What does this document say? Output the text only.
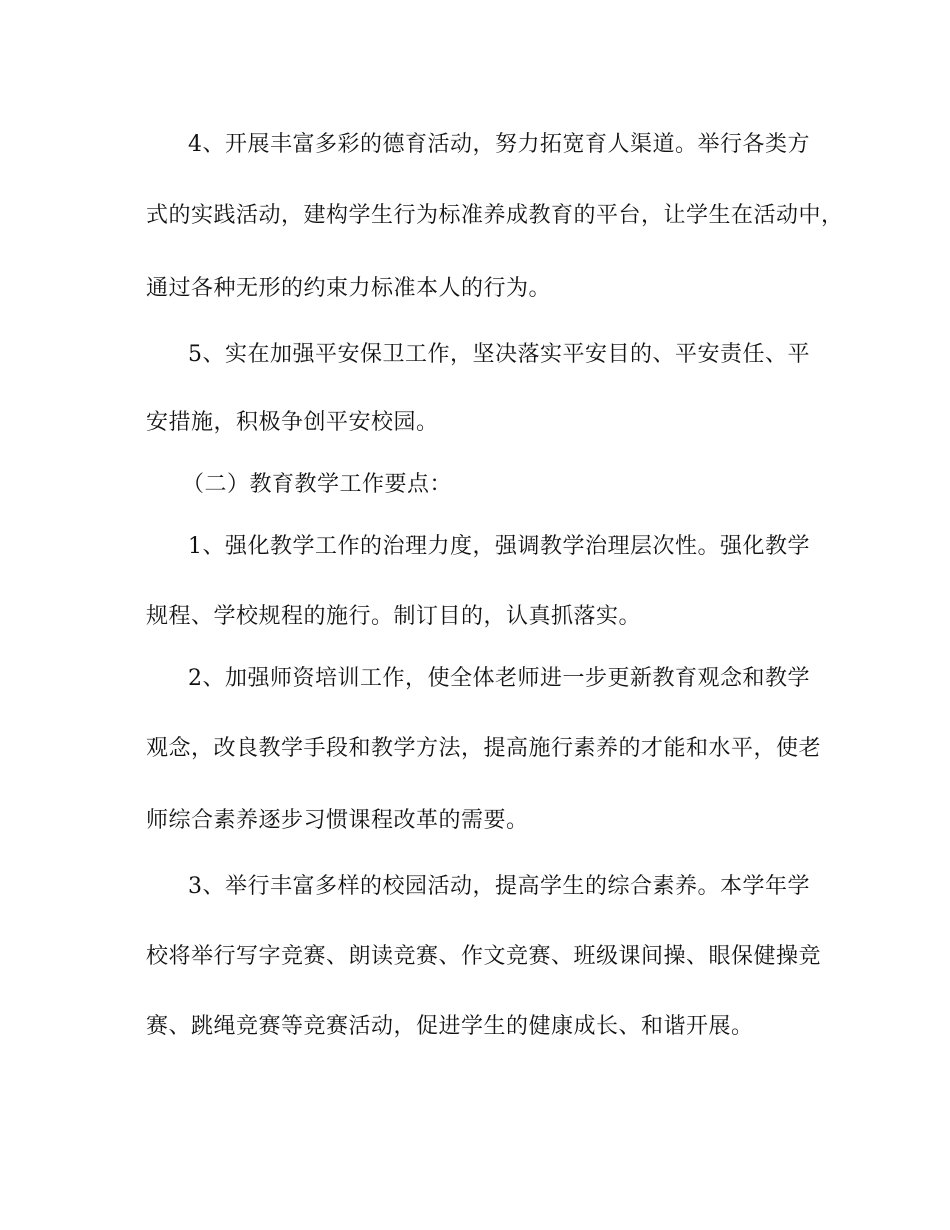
4、开展丰富多彩的德育活动，努力拓宽育人渠道。举行各类方
式的实践活动，建构学生行为标准养成教育的平台，让学生在活动中，
通过各种无形的约束力标准本人的行为。
5、实在加强平安保卫工作，坚决落实平安目的、平安责任、平
安措施，积极争创平安校园。
（二）教育教学工作要点：
1、强化教学工作的治理力度，强调教学治理层次性。强化教学
规程、学校规程的施行。制订目的，认真抓落实。
2、加强师资培训工作，使全体老师进一步更新教育观念和教学
观念，改良教学手段和教学方法，提高施行素养的才能和水平，使老
师综合素养逐步习惯课程改革的需要。
3、举行丰富多样的校园活动，提高学生的综合素养。本学年学
校将举行写字竞赛、朗读竞赛、作文竞赛、班级课间操、眼保健操竞
赛、跳绳竞赛等竞赛活动，促进学生的健康成长、和谐开展。
